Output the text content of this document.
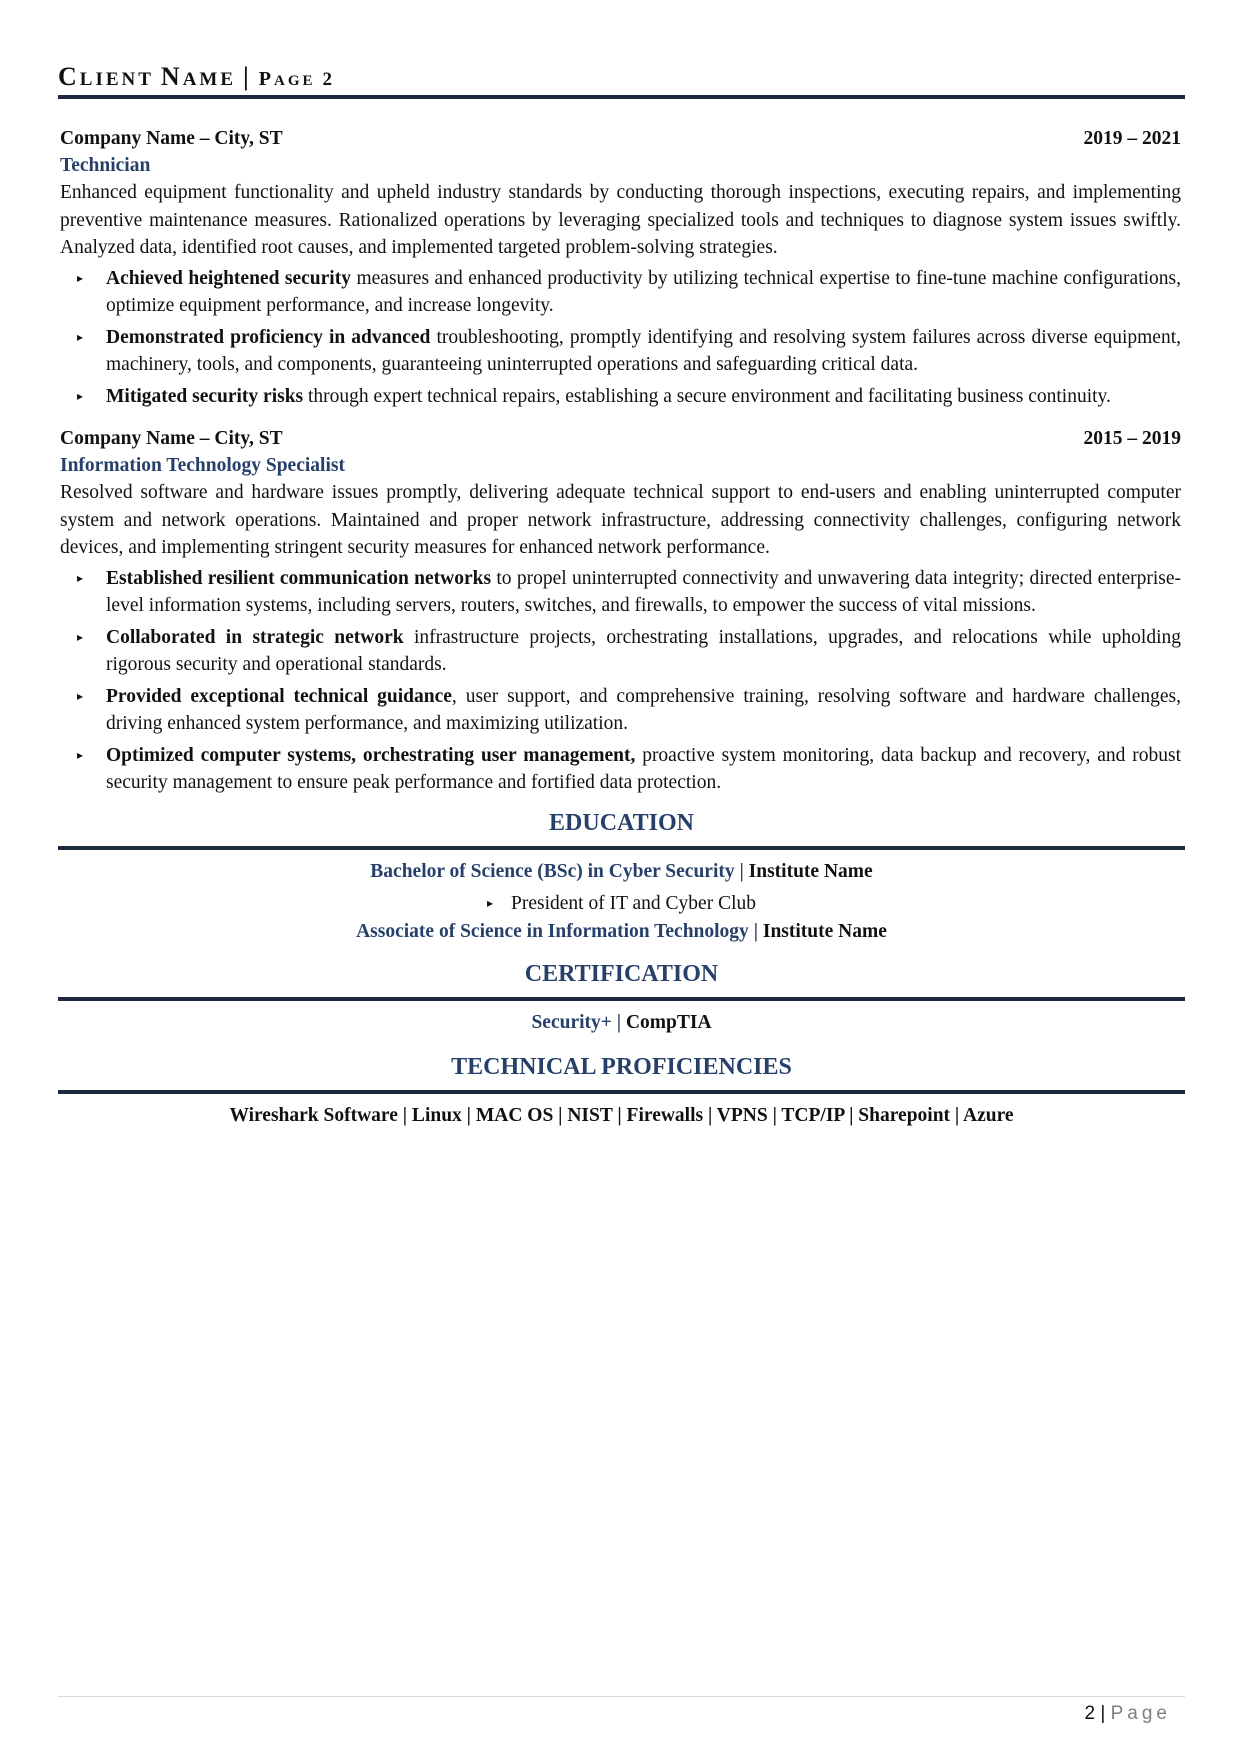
CLIENT NAME | PAGE 2
Company Name – City, ST	2019 – 2021
Technician

Enhanced equipment functionality and upheld industry standards by conducting thorough inspections, executing repairs, and implementing preventive maintenance measures. Rationalized operations by leveraging specialized tools and techniques to diagnose system issues swiftly. Analyzed data, identified root causes, and implemented targeted problem-solving strategies.

▸
Achieved heightened security measures and enhanced productivity by utilizing technical expertise to fine-tune machine configurations, optimize equipment performance, and increase longevity.
▸
Demonstrated proficiency in advanced troubleshooting, promptly identifying and resolving system failures across diverse equipment, machinery, tools, and components, guaranteeing uninterrupted operations and safeguarding critical data.
▸
Mitigated security risks through expert technical repairs, establishing a secure environment and facilitating business continuity.
Company Name – City, ST	2015 – 2019
Information Technology Specialist

Resolved software and hardware issues promptly, delivering adequate technical support to end-users and enabling uninterrupted computer system and network operations. Maintained and proper network infrastructure, addressing connectivity challenges, configuring network devices, and implementing stringent security measures for enhanced network performance.

▸
Established resilient communication networks to propel uninterrupted connectivity and unwavering data integrity; directed enterprise-level information systems, including servers, routers, switches, and firewalls, to empower the success of vital missions.
▸
Collaborated in strategic network infrastructure projects, orchestrating installations, upgrades, and relocations while upholding rigorous security and operational standards.
▸
Provided exceptional technical guidance, user support, and comprehensive training, resolving software and hardware challenges, driving enhanced system performance, and maximizing utilization.
▸
Optimized computer systems, orchestrating user management, proactive system monitoring, data backup and recovery, and robust security management to ensure peak performance and fortified data protection.
EDUCATION
Bachelor of Science (BSc) in Cyber Security | Institute Name
▸ President of IT and Cyber Club
Associate of Science in Information Technology | Institute Name
CERTIFICATION
Security+ | CompTIA
TECHNICAL PROFICIENCIES
Wireshark Software | Linux | MAC OS | NIST | Firewalls | VPNS | TCP/IP | Sharepoint | Azure
2 | Page
